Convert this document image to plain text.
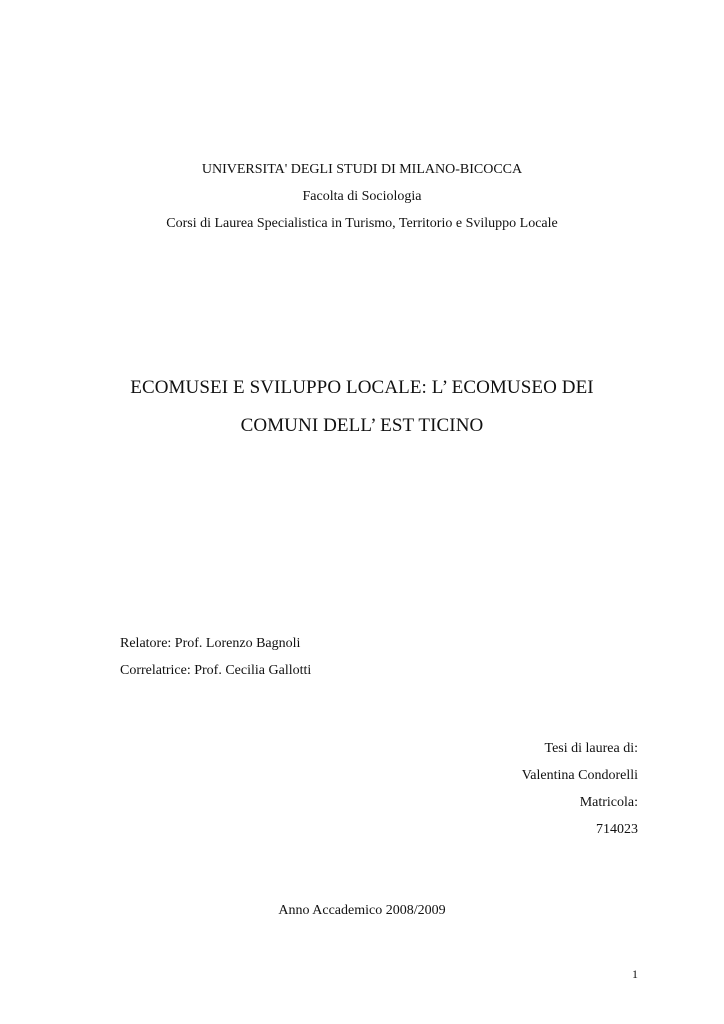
UNIVERSITA' DEGLI STUDI DI MILANO-BICOCCA
Facolta di Sociologia
Corsi di Laurea Specialistica in Turismo, Territorio e Sviluppo Locale
ECOMUSEI E SVILUPPO LOCALE: L’ ECOMUSEO DEI
COMUNI DELL’ EST TICINO
Relatore: Prof. Lorenzo Bagnoli
Correlatrice: Prof. Cecilia Gallotti
Tesi di laurea di:
Valentina Condorelli
Matricola:
714023
Anno Accademico 2008/2009
1
